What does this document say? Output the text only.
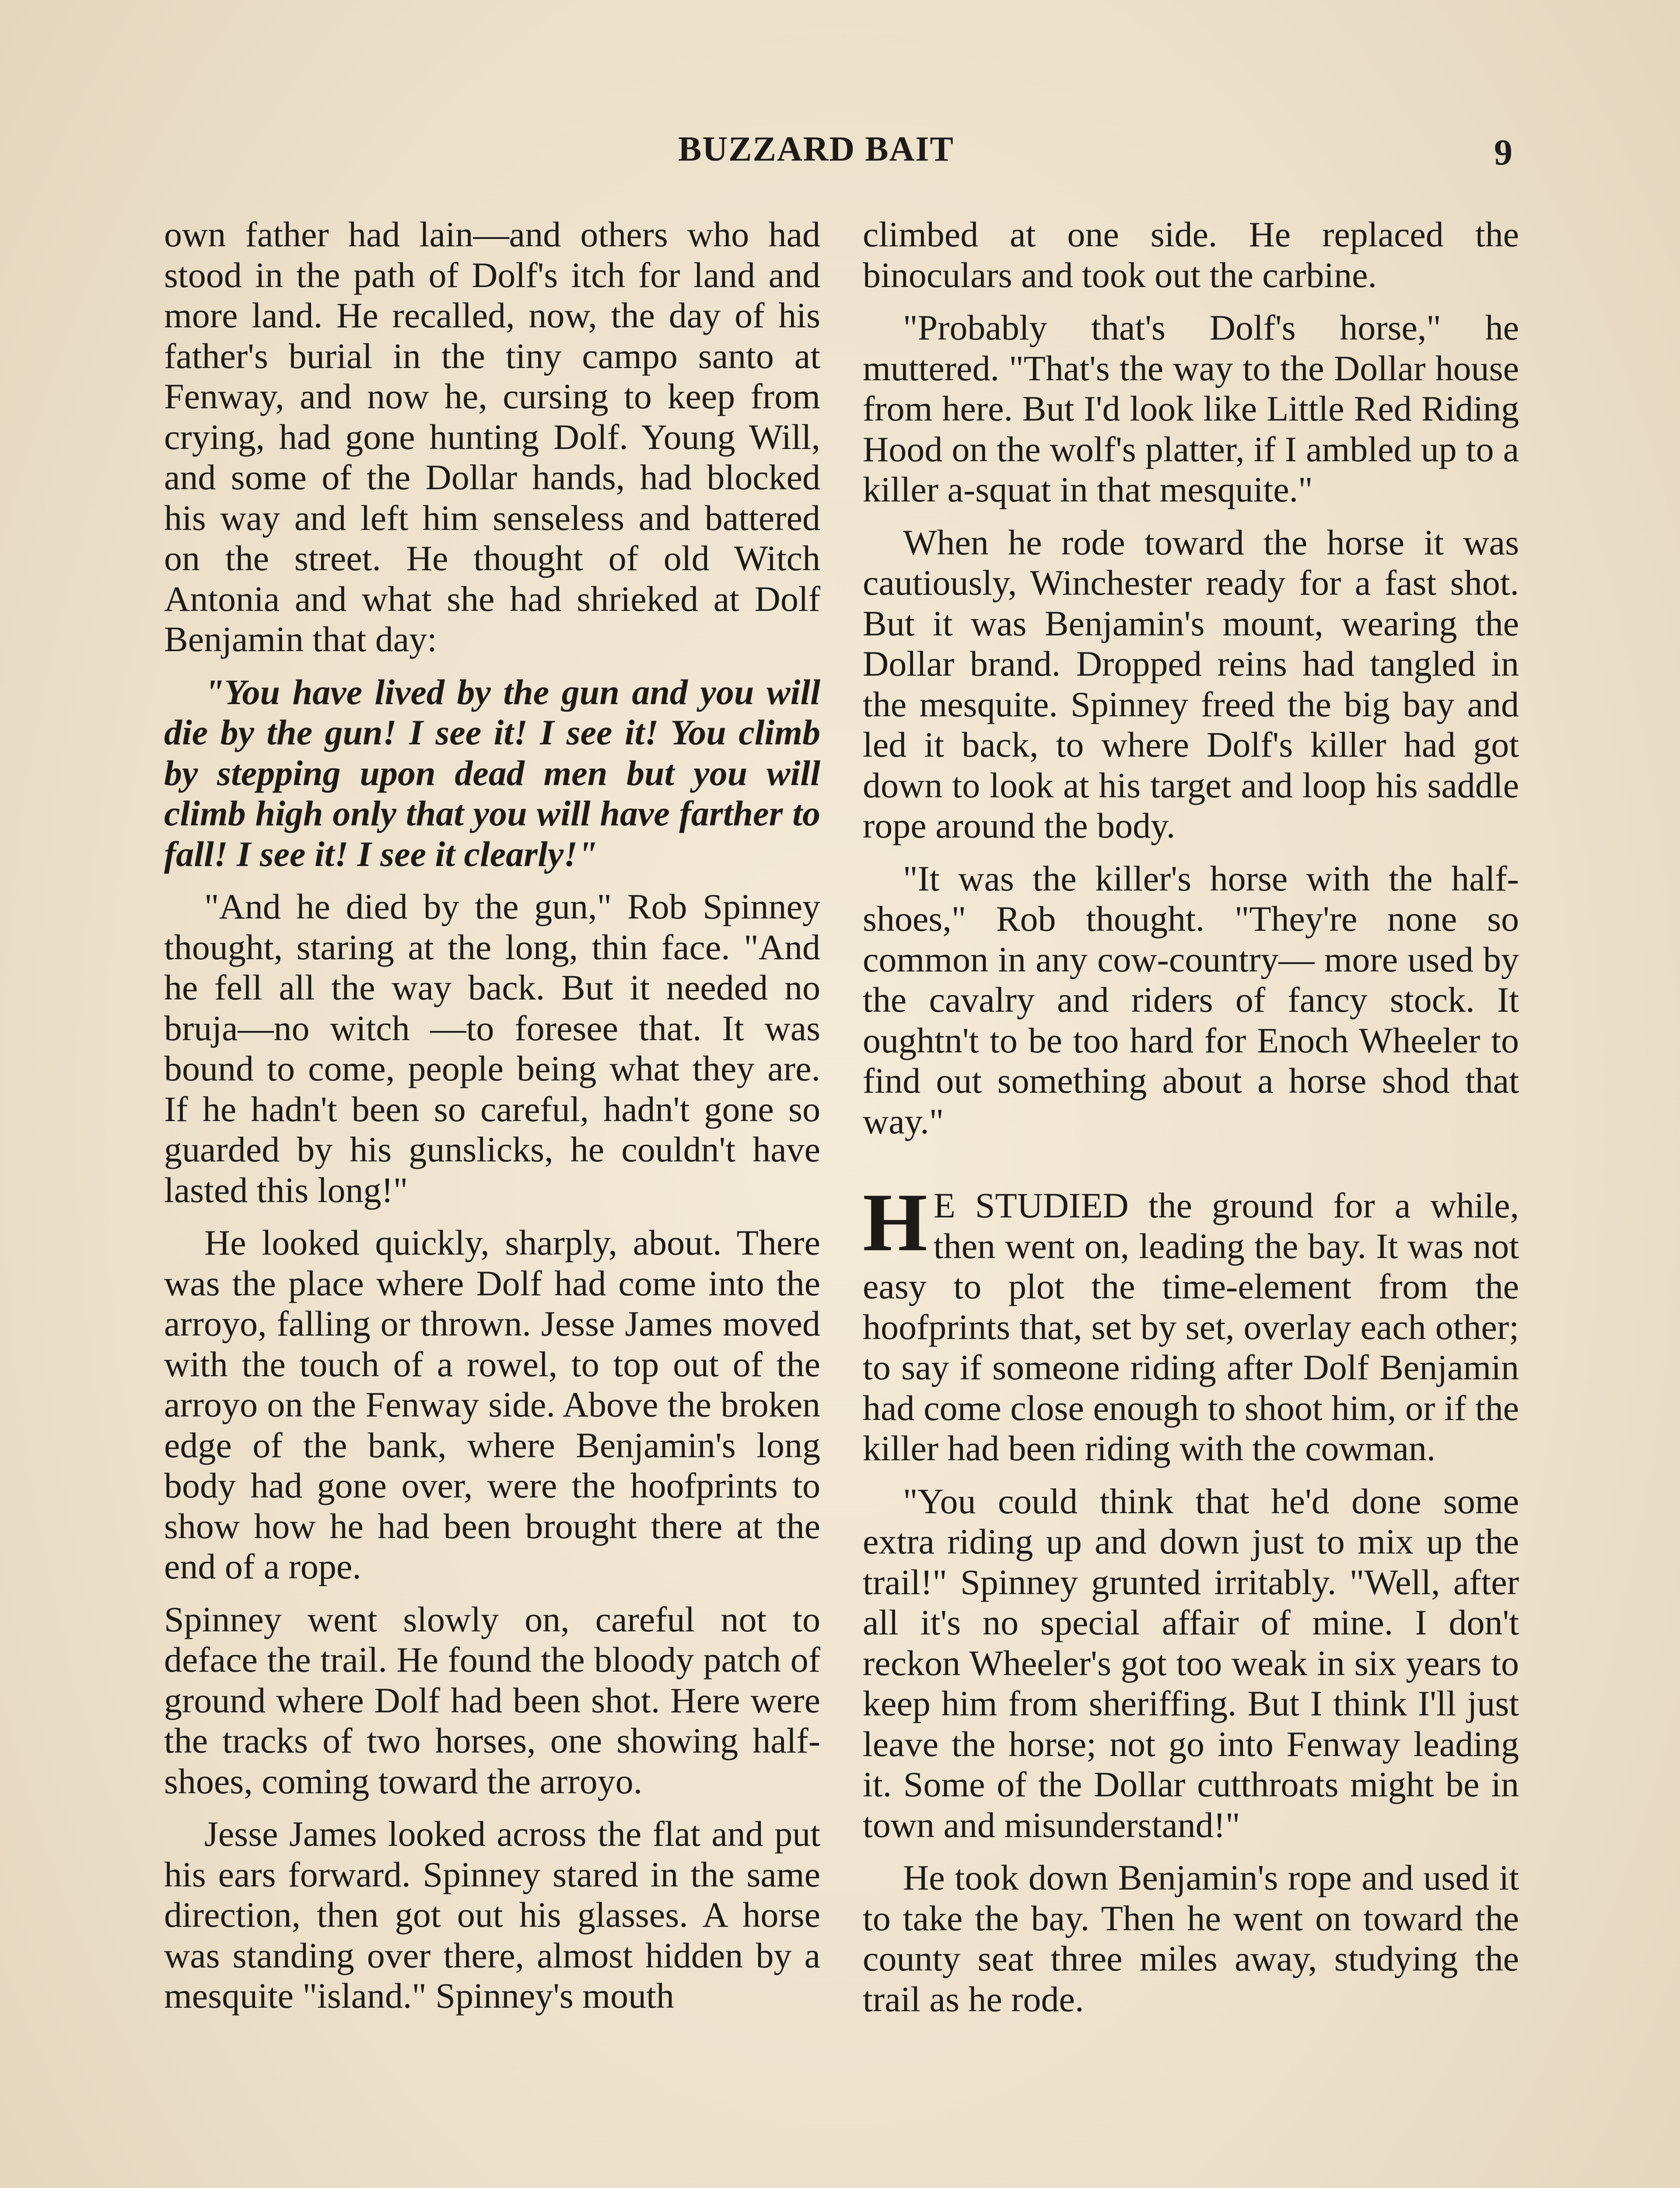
BUZZARD BAIT	9

own father had lain—and others who had stood in the path of Dolf's itch for land and more land. He recalled, now, the day of his father's burial in the tiny campo santo at Fenway, and now he, cursing to keep from crying, had gone hunting Dolf. Young Will, and some of the Dollar hands, had blocked his way and left him senseless and battered on the street. He thought of old Witch Antonia and what she had shrieked at Dolf Benjamin that day:

"You have lived by the gun and you will die by the gun! I see it! I see it! You climb by stepping upon dead men but you will climb high only that you will have farther to fall! I see it! I see it clearly!"

"And he died by the gun," Rob Spinney thought, staring at the long, thin face. "And he fell all the way back. But it needed no bruja—no witch —to foresee that. It was bound to come, people being what they are. If he hadn't been so careful, hadn't gone so guarded by his gunslicks, he couldn't have lasted this long!"

He looked quickly, sharply, about. There was the place where Dolf had come into the arroyo, falling or thrown. Jesse James moved with the touch of a rowel, to top out of the arroyo on the Fenway side. Above the broken edge of the bank, where Benjamin's long body had gone over, were the hoofprints to show how he had been brought there at the end of a rope.

Spinney went slowly on, careful not to deface the trail. He found the bloody patch of ground where Dolf had been shot. Here were the tracks of two horses, one showing half-shoes, coming toward the arroyo.

Jesse James looked across the flat and put his ears forward. Spinney stared in the same direction, then got out his glasses. A horse was standing over there, almost hidden by a mesquite "island." Spinney's mouth

climbed at one side. He replaced the binoculars and took out the carbine.

"Probably that's Dolf's horse," he muttered. "That's the way to the Dollar house from here. But I'd look like Little Red Riding Hood on the wolf's platter, if I ambled up to a killer a-squat in that mesquite."

When he rode toward the horse it was cautiously, Winchester ready for a fast shot. But it was Benjamin's mount, wearing the Dollar brand. Dropped reins had tangled in the mesquite. Spinney freed the big bay and led it back, to where Dolf's killer had got down to look at his target and loop his saddle rope around the body.

"It was the killer's horse with the half-shoes," Rob thought. "They're none so common in any cow-country— more used by the cavalry and riders of fancy stock. It oughtn't to be too hard for Enoch Wheeler to find out something about a horse shod that way."

H E STUDIED the ground for a while, then went on, leading the bay. It was not easy to plot the time-element from the hoofprints that, set by set, overlay each other; to say if someone riding after Dolf Benjamin had come close enough to shoot him, or if the killer had been riding with the cowman.

"You could think that he'd done some extra riding up and down just to mix up the trail!" Spinney grunted irritably. "Well, after all it's no special affair of mine. I don't reckon Wheeler's got too weak in six years to keep him from sheriffing. But I think I'll just leave the horse; not go into Fenway leading it. Some of the Dollar cutthroats might be in town and misunderstand!"

He took down Benjamin's rope and used it to take the bay. Then he went on toward the county seat three miles away, studying the trail as he rode.
